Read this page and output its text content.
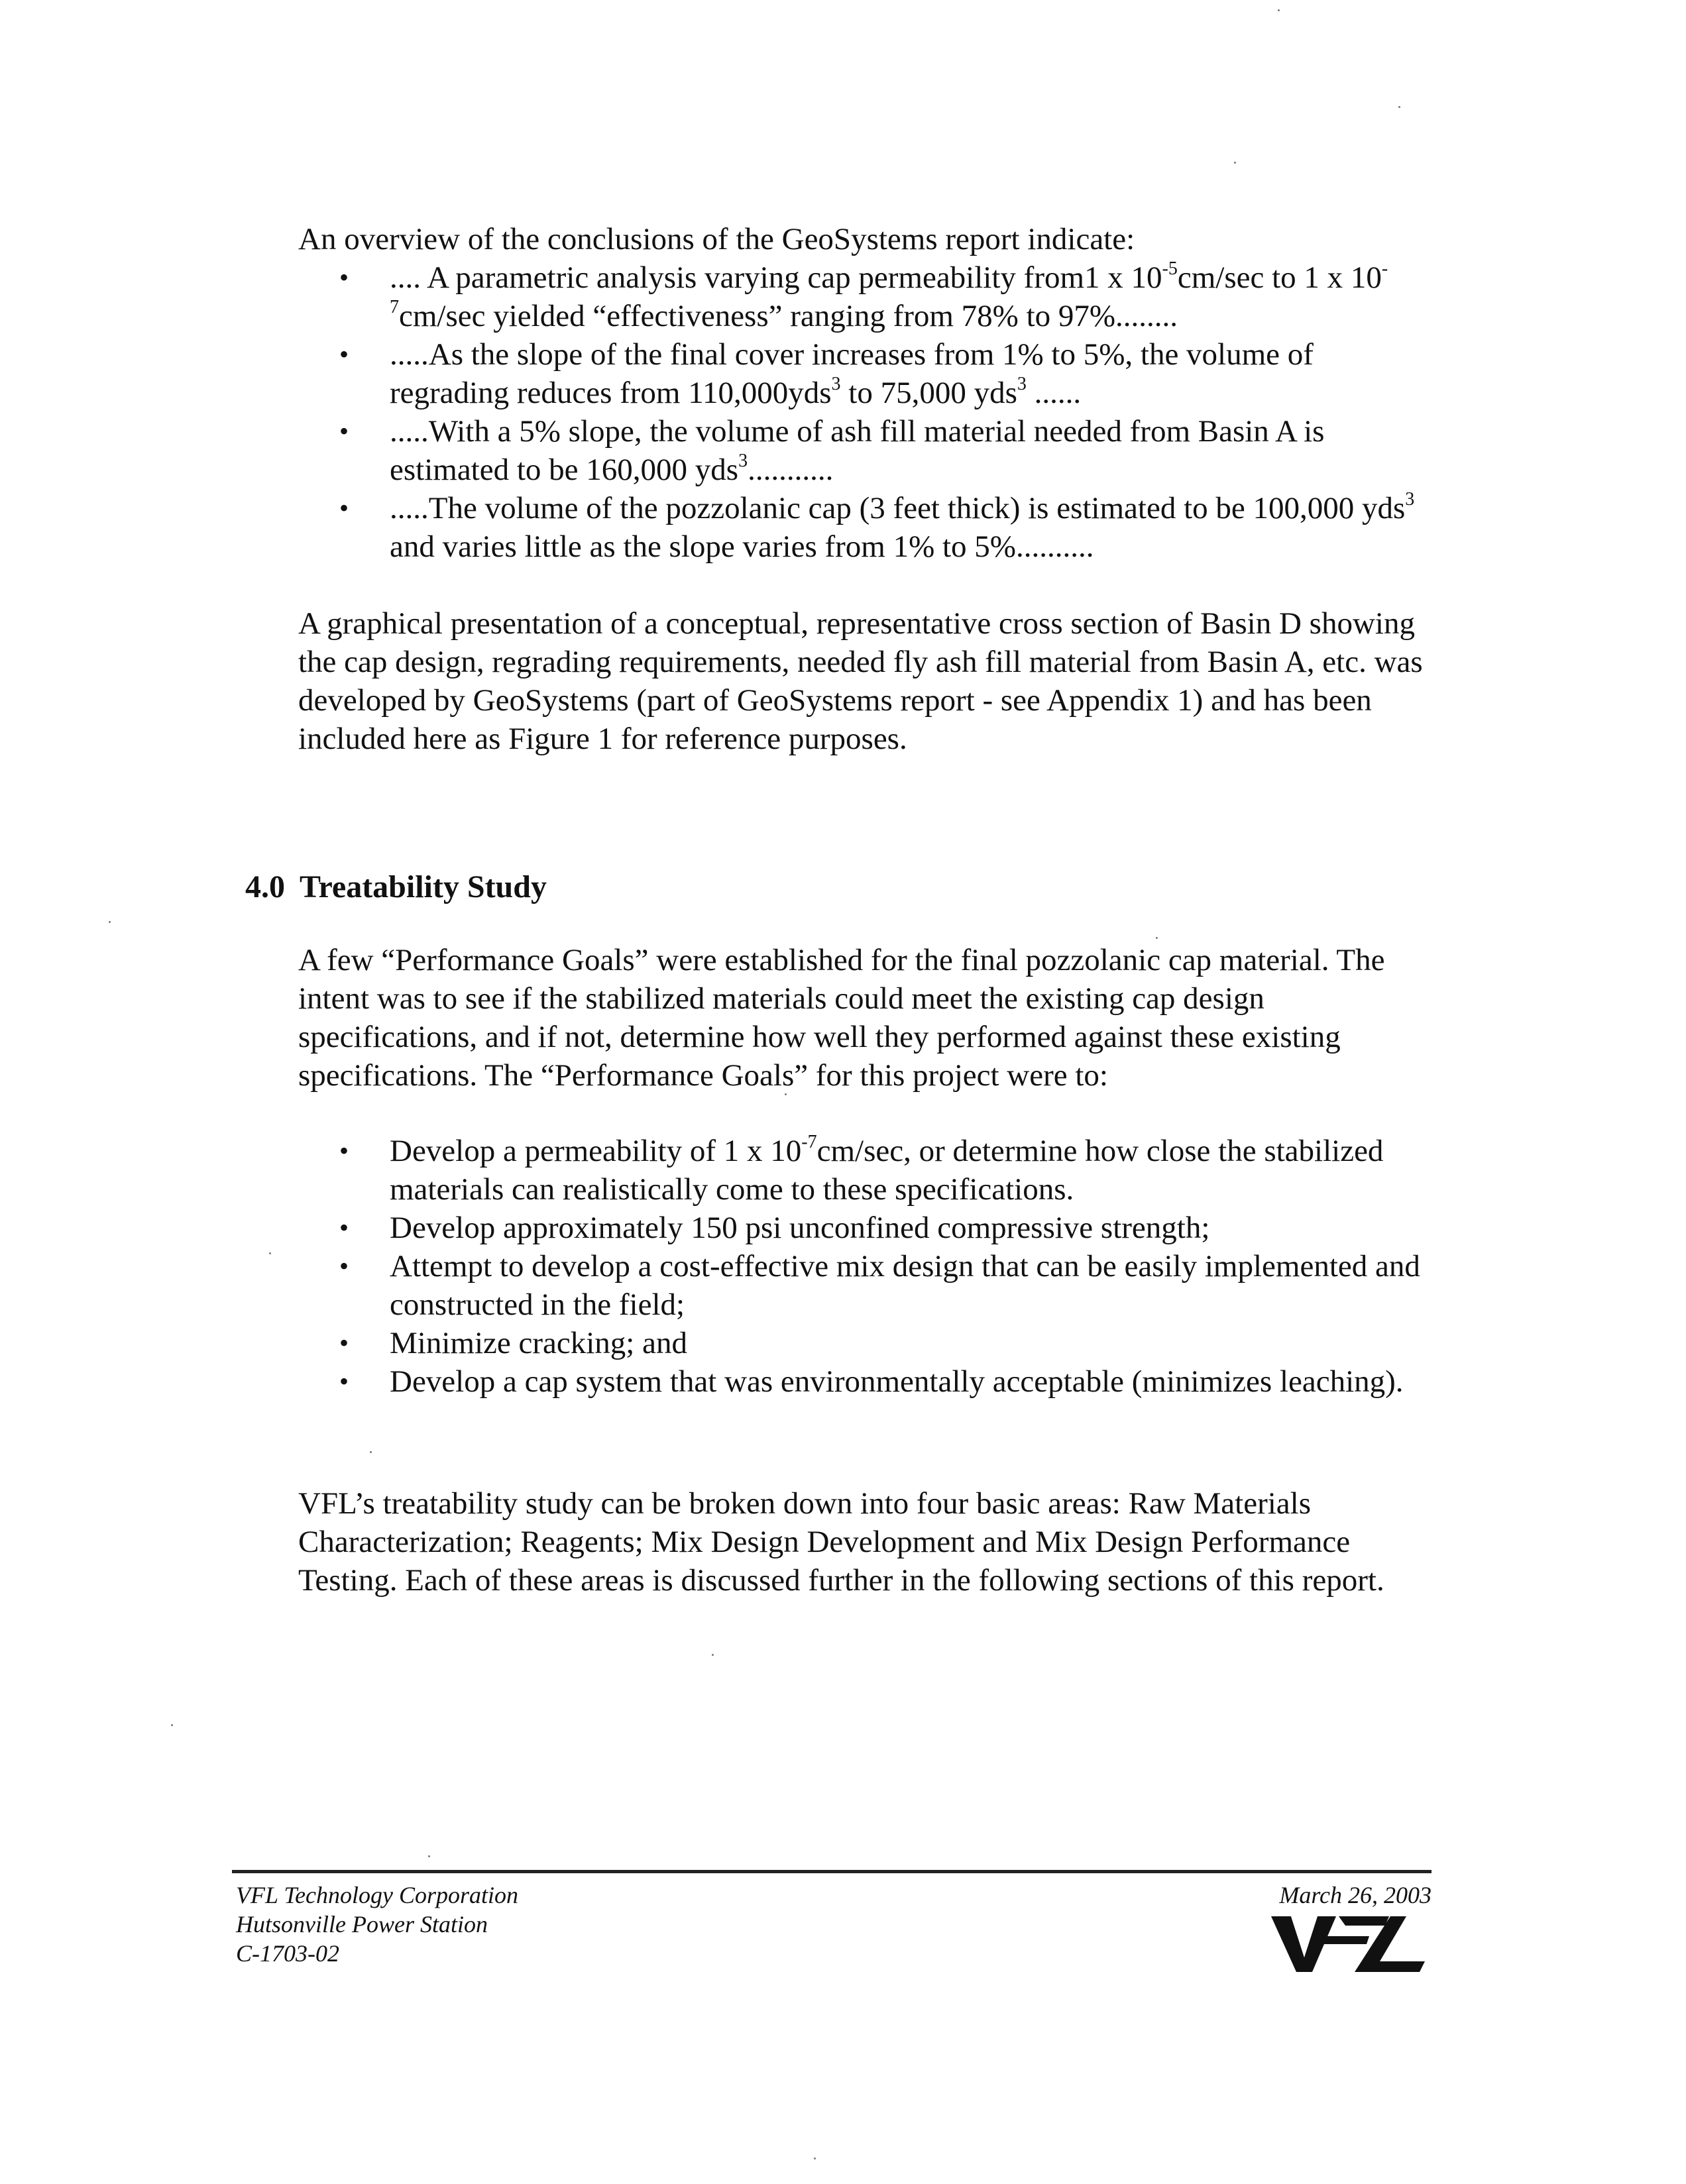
An overview of the conclusions of the GeoSystems report indicate:
• .... A parametric analysis varying cap permeability from1 x $10^{-5}cm/\sec$ to 1 x $10^{-7}cm/\sec$ yielded “effectiveness” ranging from 78% to 97%........
• .....As the slope of the final cover increases from 1% to 5%, the volume of regrading reduces from 110,000yds$^3$ to 75,000 yds$^3$ ......
• .....With a 5% slope, the volume of ash fill material needed from Basin A is estimated to be 160,000 yds$^3$...........
• .....The volume of the pozzolanic cap (3 feet thick) is estimated to be 100,000 yds$^3$ and varies little as the slope varies from 1% to 5%..........
A graphical presentation of a conceptual, representative cross section of Basin D showing the cap design, regrading requirements, needed fly ash fill material from Basin A, etc. was developed by GeoSystems (part of GeoSystems report - see Appendix 1) and has been included here as Figure 1 for reference purposes.
4.0 Treatability Study
A few “Performance Goals” were established for the final pozzolanic cap material. The intent was to see if the stabilized materials could meet the existing cap design specifications, and if not, determine how well they performed against these existing specifications. The “Performance Goals” for this project were to:
• Develop a permeability of 1 x $10^{-7}cm/\sec$, or determine how close the stabilized materials can realistically come to these specifications.
• Develop approximately 150 psi unconfined compressive strength;
• Attempt to develop a cost-effective mix design that can be easily implemented and constructed in the field;
• Minimize cracking; and
• Develop a cap system that was environmentally acceptable (minimizes leaching).
VFL’s treatability study can be broken down into four basic areas: Raw Materials Characterization; Reagents; Mix Design Development and Mix Design Performance Testing. Each of these areas is discussed further in the following sections of this report.
VFL Technology Corporation
Hutsonville Power Station
C-1703-02
March 26, 2003
